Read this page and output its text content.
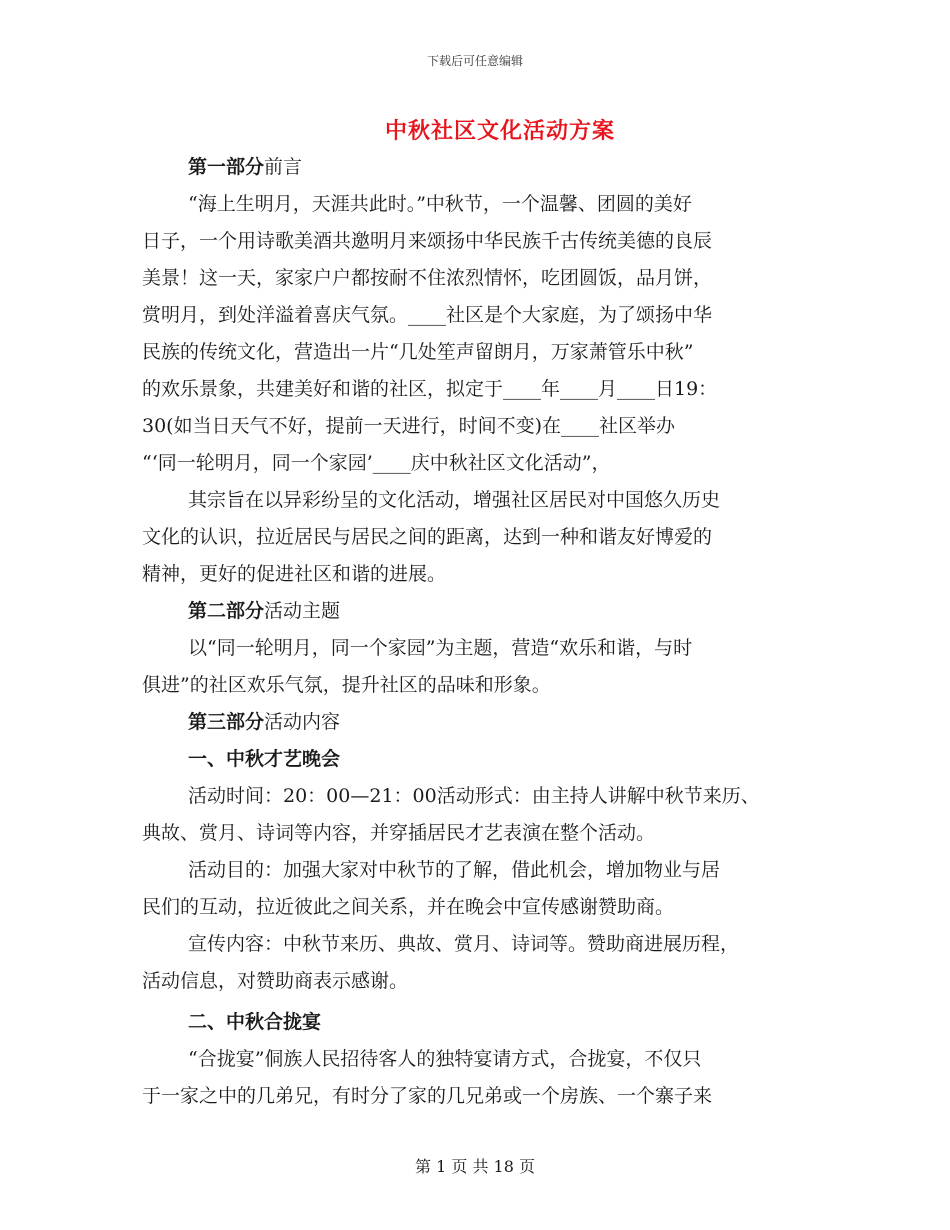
下载后可任意编辑
中秋社区文化活动方案
第一部分前言
“海上生明月，天涯共此时。”中秋节，一个温馨、团圆的美好
日子，一个用诗歌美酒共邀明月来颂扬中华民族千古传统美德的良辰
美景！这一天，家家户户都按耐不住浓烈情怀，吃团圆饭，品月饼，
赏明月，到处洋溢着喜庆气氛。____社区是个大家庭，为了颂扬中华
民族的传统文化，营造出一片“几处笙声留朗月，万家萧管乐中秋”
的欢乐景象，共建美好和谐的社区，拟定于____年____月____日19：
30(如当日天气不好，提前一天进行，时间不变)在____社区举办
“‘同一轮明月，同一个家园’____庆中秋社区文化活动”，
其宗旨在以异彩纷呈的文化活动，增强社区居民对中国悠久历史
文化的认识，拉近居民与居民之间的距离，达到一种和谐友好博爱的
精神，更好的促进社区和谐的进展。
第二部分活动主题
以“同一轮明月，同一个家园”为主题，营造“欢乐和谐，与时
俱进”的社区欢乐气氛，提升社区的品味和形象。
第三部分活动内容
一、中秋才艺晚会
活动时间：20：00—21：00活动形式：由主持人讲解中秋节来历、
典故、赏月、诗词等内容，并穿插居民才艺表演在整个活动。
活动目的：加强大家对中秋节的了解，借此机会，增加物业与居
民们的互动，拉近彼此之间关系，并在晚会中宣传感谢赞助商。
宣传内容：中秋节来历、典故、赏月、诗词等。赞助商进展历程，
活动信息，对赞助商表示感谢。
二、中秋合拢宴
“合拢宴”侗族人民招待客人的独特宴请方式，合拢宴，不仅只
于一家之中的几弟兄，有时分了家的几兄弟或一个房族、一个寨子来
第 1 页 共 18 页
